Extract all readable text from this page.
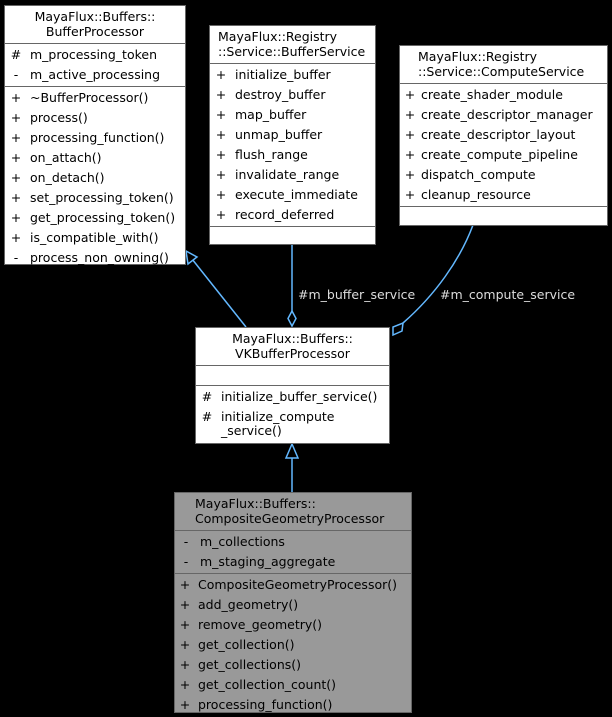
#m_buffer_service #m_compute_service
MayaFlux::Buffers::
BufferProcessor
# m_processing_token
- m_active_processing
+ ~BufferProcessor()
+ process()
+ processing_function()
+ on_attach()
+ on_detach()
+ set_processing_token()
+ get_processing_token()
+ is_compatible_with()
- process_non_owning()
MayaFlux::Registry
::Service::BufferService
+ initialize_buffer
+ destroy_buffer
+ map_buffer
+ unmap_buffer
+ flush_range
+ invalidate_range
+ execute_immediate
+ record_deferred
MayaFlux::Registry
::Service::ComputeService
+ create_shader_module
+ create_descriptor_manager
+ create_descriptor_layout
+ create_compute_pipeline
+ dispatch_compute
+ cleanup_resource
MayaFlux::Buffers::
VKBufferProcessor
# initialize_buffer_service()
# initialize_compute
_service()
MayaFlux::Buffers::
CompositeGeometryProcessor
- m_collections
- m_staging_aggregate
+ CompositeGeometryProcessor()
+ add_geometry()
+ remove_geometry()
+ get_collection()
+ get_collections()
+ get_collection_count()
+ processing_function()
